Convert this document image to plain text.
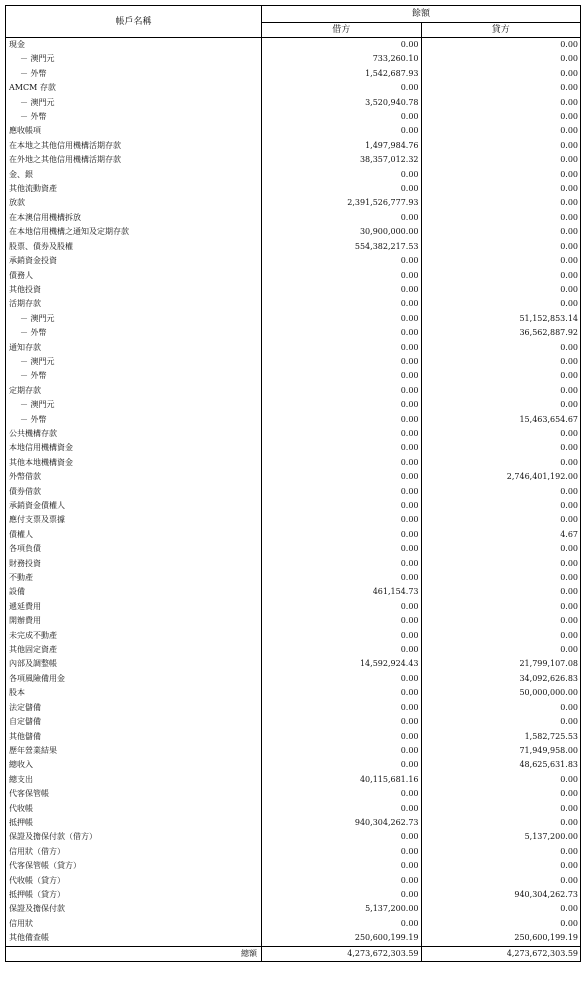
帳戶名稱	餘額	
	借方	貸方
現金	0.00	0.00
－ 澳門元	733,260.10	0.00
－ 外幣	1,542,687.93	0.00
AMCM 存款	0.00	0.00
－ 澳門元	3,520,940.78	0.00
－ 外幣	0.00	0.00
應收帳項	0.00	0.00
在本地之其他信用機構活期存款	1,497,984.76	0.00
在外地之其他信用機構活期存款	38,357,012.32	0.00
金、銀	0.00	0.00
其他流動資產	0.00	0.00
放款	2,391,526,777.93	0.00
在本澳信用機構拆放	0.00	0.00
在本地信用機構之通知及定期存款	30,900,000.00	0.00
股票、債券及股權	554,382,217.53	0.00
承銷資金投資	0.00	0.00
債務人	0.00	0.00
其他投資	0.00	0.00
活期存款	0.00	0.00
－ 澳門元	0.00	51,152,853.14
－ 外幣	0.00	36,562,887.92
通知存款	0.00	0.00
－ 澳門元	0.00	0.00
－ 外幣	0.00	0.00
定期存款	0.00	0.00
－ 澳門元	0.00	0.00
－ 外幣	0.00	15,463,654.67
公共機構存款	0.00	0.00
本地信用機構資金	0.00	0.00
其他本地機構資金	0.00	0.00
外幣借款	0.00	2,746,401,192.00
債券借款	0.00	0.00
承銷資金債權人	0.00	0.00
應付支票及票據	0.00	0.00
債權人	0.00	4.67
各項負債	0.00	0.00
財務投資	0.00	0.00
不動產	0.00	0.00
設備	461,154.73	0.00
遞延費用	0.00	0.00
開辦費用	0.00	0.00
未完成不動產	0.00	0.00
其他固定資產	0.00	0.00
內部及調整帳	14,592,924.43	21,799,107.08
各項風險備用金	0.00	34,092,626.83
股本	0.00	50,000,000.00
法定儲備	0.00	0.00
自定儲備	0.00	0.00
其他儲備	0.00	1,582,725.53
歷年營業結果	0.00	71,949,958.00
總收入	0.00	48,625,631.83
總支出	40,115,681.16	0.00
代客保管帳	0.00	0.00
代收帳	0.00	0.00
抵押帳	940,304,262.73	0.00
保證及擔保付款（借方）	0.00	5,137,200.00
信用狀（借方）	0.00	0.00
代客保管帳（貸方）	0.00	0.00
代收帳（貸方）	0.00	0.00
抵押帳（貸方）	0.00	940,304,262.73
保證及擔保付款	5,137,200.00	0.00
信用狀	0.00	0.00
其他備查帳	250,600,199.19	250,600,199.19
總額	4,273,672,303.59	4,273,672,303.59
